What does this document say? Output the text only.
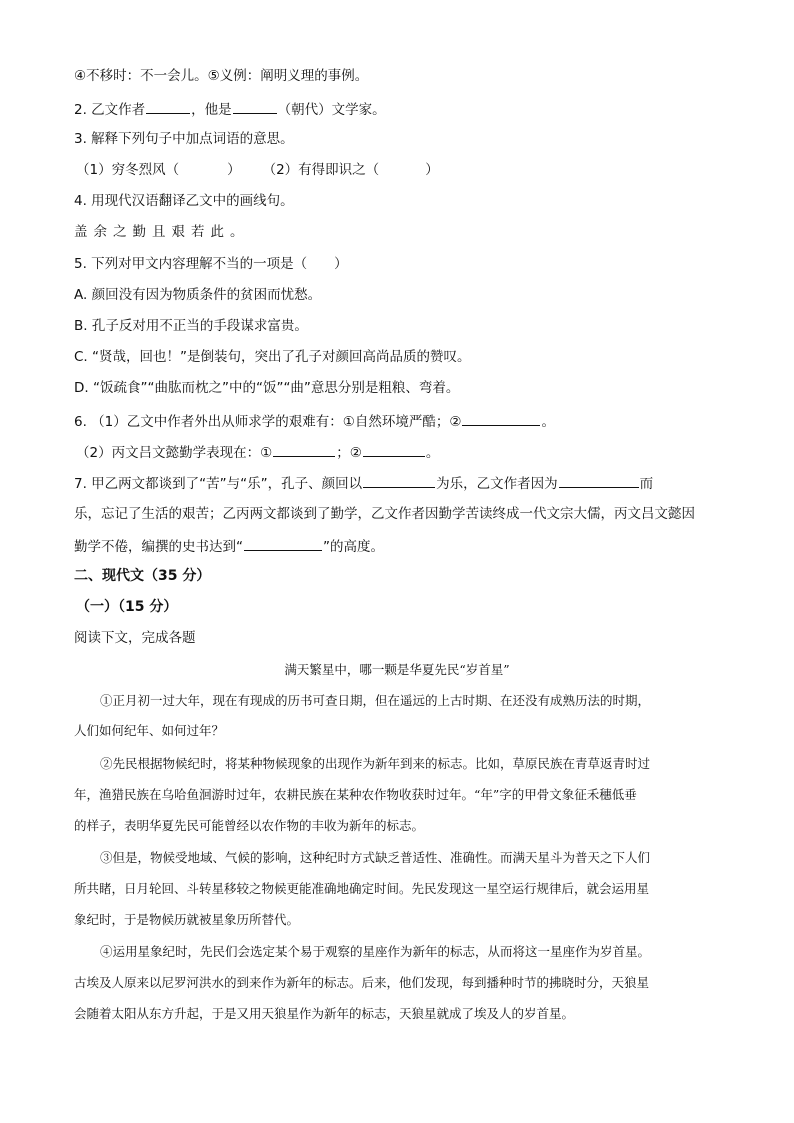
④不移时：不一会儿。⑤义例：阐明义理的事例。
2. 乙文作者	，他是	（朝代）文学家。
3. 解释下列句子中加点词语的意思。
（1）穷冬烈风（	） （2）有得即识之（	）
4. 用现代汉语翻译乙文中的画线句。
盖余之勤且艰若此。
5. 下列对甲文内容理解不当的一项是（　　）
A. 颜回没有因为物质条件的贫困而忧愁。
B. 孔子反对用不正当的手段谋求富贵。
C. “贤哉，回也！”是倒装句，突出了孔子对颜回高尚品质的赞叹。
D. “饭疏食”“曲肱而枕之”中的“饭”“曲”意思分别是粗粮、弯着。
6. （1）乙文中作者外出从师求学的艰难有：①自然环境严酷；②	。
（2）丙文吕文懿勤学表现在：①	；②	。
7. 甲乙两文都谈到了“苦”与“乐”，孔子、颜回以	为乐，乙文作者因为	而
乐，忘记了生活的艰苦；乙丙两文都谈到了勤学，乙文作者因勤学苦读终成一代文宗大儒，丙文吕文懿因
勤学不倦，编撰的史书达到“	”的高度。
二、现代文（35 分）
（一）（15 分）
阅读下文，完成各题
满天繁星中，哪一颗是华夏先民“岁首星”
①正月初一过大年，现在有现成的历书可查日期，但在遥远的上古时期、在还没有成熟历法的时期，
人们如何纪年、如何过年？
②先民根据物候纪时，将某种物候现象的出现作为新年到来的标志。比如，草原民族在青草返青时过
年，渔猎民族在乌哈鱼洄游时过年，农耕民族在某种农作物收获时过年。“年”字的甲骨文象征禾穗低垂
的样子，表明华夏先民可能曾经以农作物的丰收为新年的标志。
③但是，物候受地域、气候的影响，这种纪时方式缺乏普适性、准确性。而满天星斗为普天之下人们
所共睹，日月轮回、斗转星移较之物候更能准确地确定时间。先民发现这一星空运行规律后，就会运用星
象纪时，于是物候历就被星象历所替代。
④运用星象纪时，先民们会选定某个易于观察的星座作为新年的标志，从而将这一星座作为岁首星。
古埃及人原来以尼罗河洪水的到来作为新年的标志。后来，他们发现，每到播种时节的拂晓时分，天狼星
会随着太阳从东方升起，于是又用天狼星作为新年的标志，天狼星就成了埃及人的岁首星。
